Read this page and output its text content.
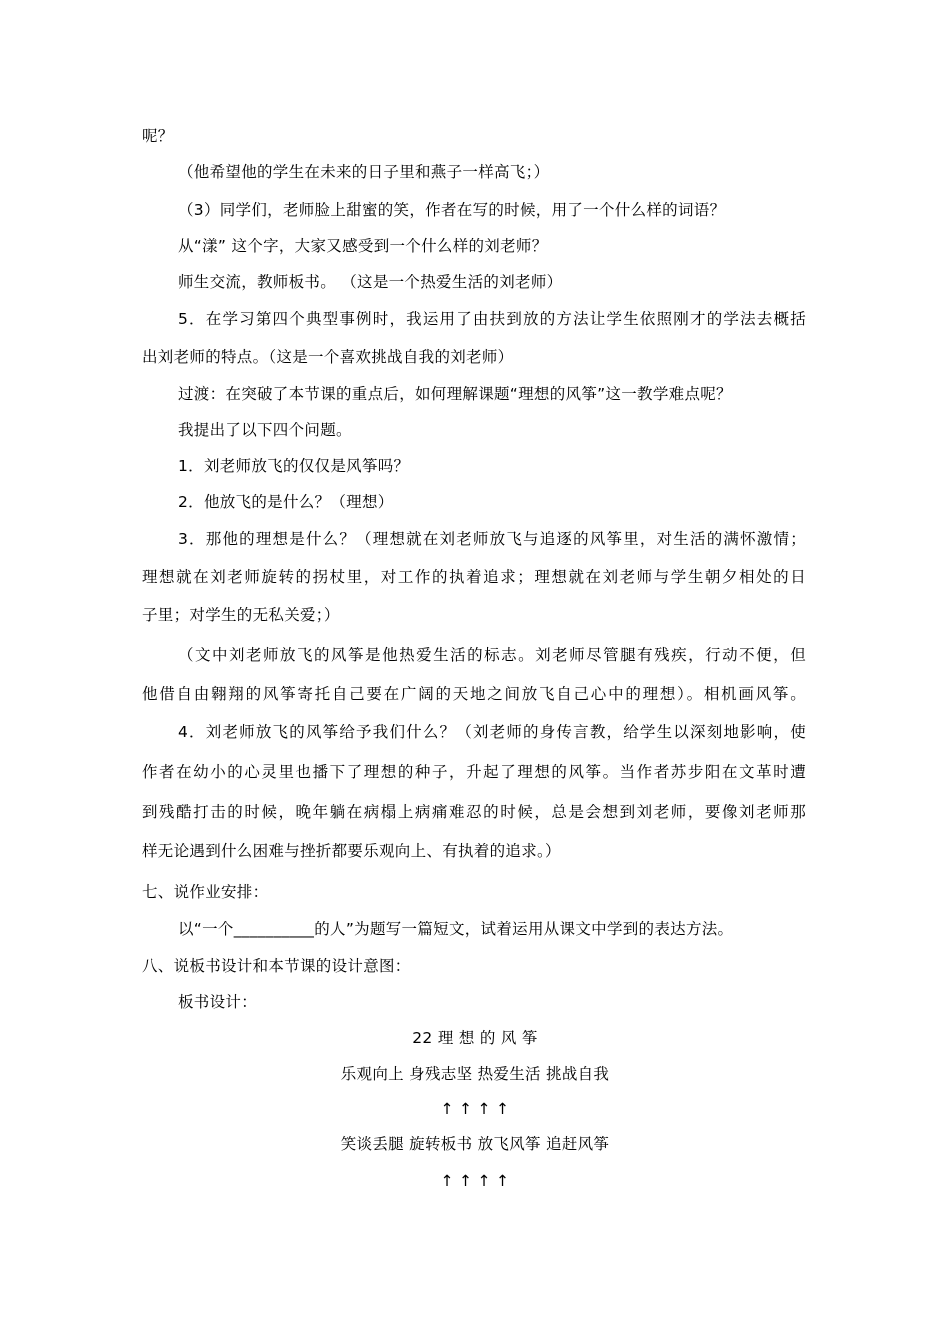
呢？
（他希望他的学生在未来的日子里和燕子一样高飞；）
（3）同学们，老师脸上甜蜜的笑，作者在写的时候，用了一个什么样的词语？
从“漾” 这个字，大家又感受到一个什么样的刘老师？
师生交流，教师板书。 （这是一个热爱生活的刘老师）
5．在学习第四个典型事例时，我运用了由扶到放的方法让学生依照刚才的学法去概括
出刘老师的特点。（这是一个喜欢挑战自我的刘老师）
过渡：在突破了本节课的重点后，如何理解课题“理想的风筝”这一教学难点呢？
我提出了以下四个问题。
1．刘老师放飞的仅仅是风筝吗？
2．他放飞的是什么？（理想）
3．那他的理想是什么？（理想就在刘老师放飞与追逐的风筝里，对生活的满怀激情；
理想就在刘老师旋转的拐杖里，对工作的执着追求；理想就在刘老师与学生朝夕相处的日
子里；对学生的无私关爱；）
（文中刘老师放飞的风筝是他热爱生活的标志。刘老师尽管腿有残疾，行动不便，但
他借自由翱翔的风筝寄托自己要在广阔的天地之间放飞自己心中的理想）。相机画风筝。
4．刘老师放飞的风筝给予我们什么？（刘老师的身传言教，给学生以深刻地影响，使
作者在幼小的心灵里也播下了理想的种子，升起了理想的风筝。当作者苏步阳在文革时遭
到残酷打击的时候，晚年躺在病榻上病痛难忍的时候，总是会想到刘老师，要像刘老师那
样无论遇到什么困难与挫折都要乐观向上、有执着的追求。）
七、说作业安排：
以“一个__________的人”为题写一篇短文，试着运用从课文中学到的表达方法。
八、说板书设计和本节课的设计意图：
板书设计：
22 理 想 的 风 筝
乐观向上 身残志坚 热爱生活 挑战自我
↑ ↑ ↑ ↑
笑谈丢腿 旋转板书 放飞风筝 追赶风筝
↑ ↑ ↑ ↑
